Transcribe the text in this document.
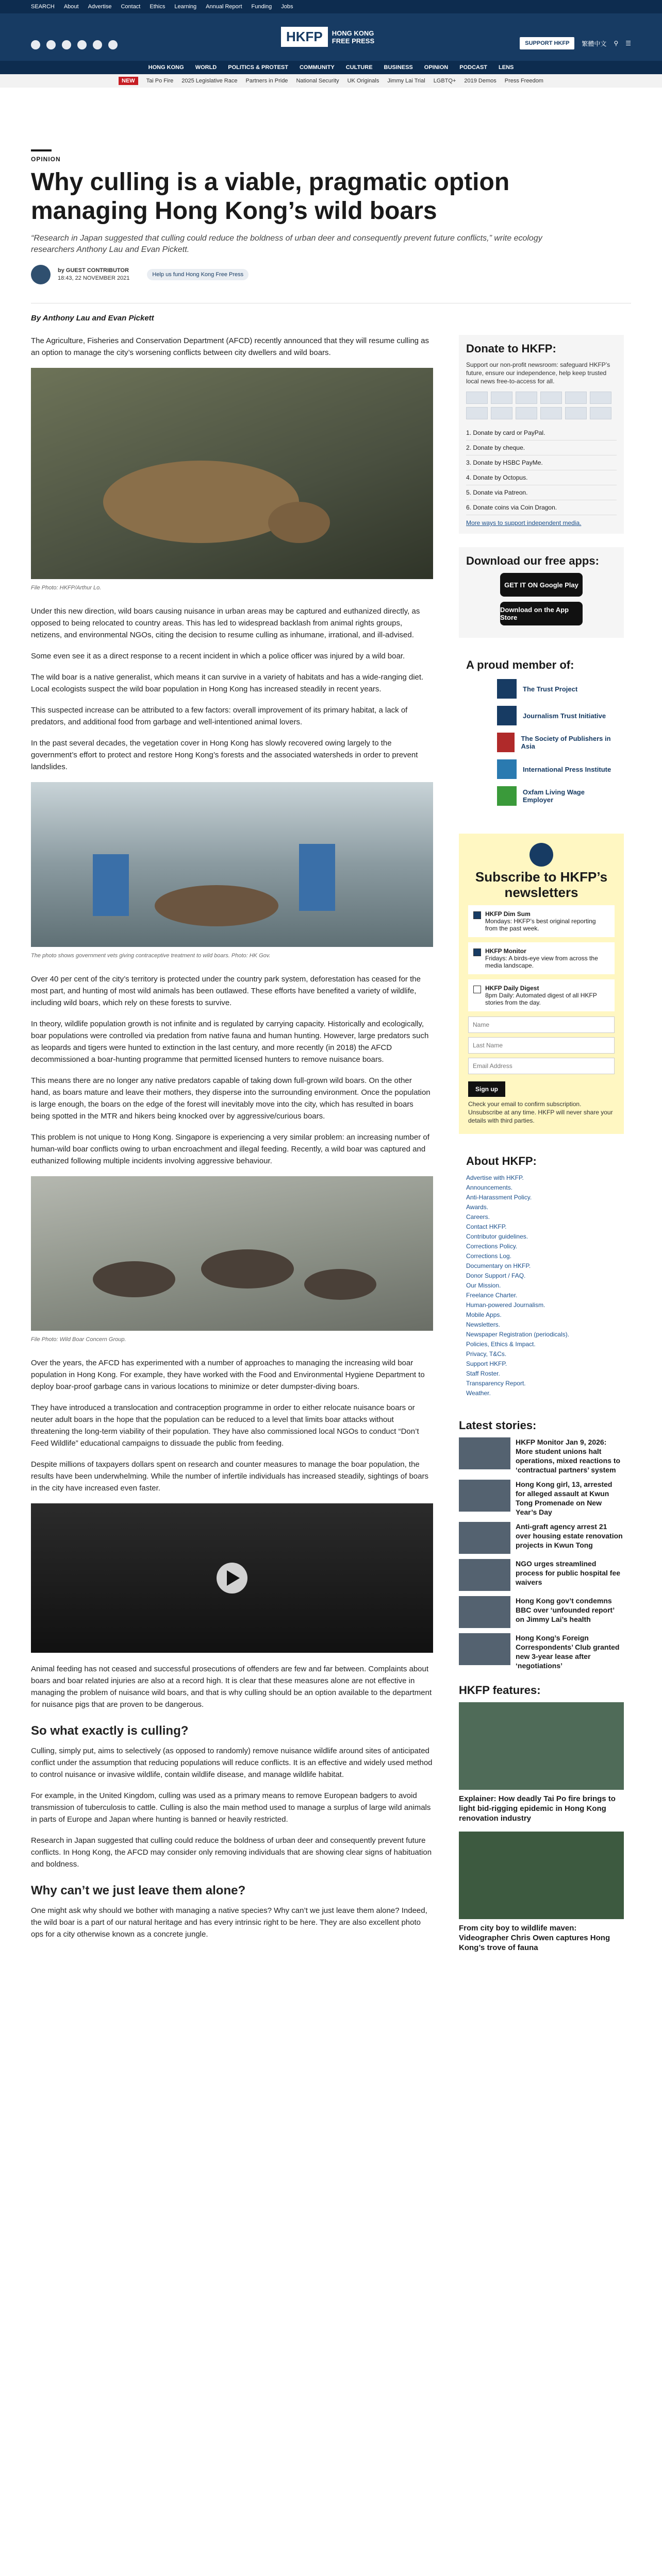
SEARCH About Advertise Contact Ethics Learning Annual Report Funding Jobs
HKFP	HONG KONG
FREE PRESS	SUPPORT HKFP	繁體中文 ⚲ ☰
HONG KONG WORLD POLITICS & PROTEST COMMUNITY CULTURE BUSINESS OPINION PODCAST LENS
NEW	Tai Po Fire 2025 Legislative Race Partners in Pride National Security UK Originals Jimmy Lai Trial LGBTQ+ 2019 Demos Press Freedom
OPINION
Why culling is a viable, pragmatic option managing Hong Kong’s wild boars
“Research in Japan suggested that culling could reduce the boldness of urban deer and consequently prevent future conflicts,” write ecology researchers Anthony Lau and Evan Pickett.
by GUEST CONTRIBUTOR
18:43, 22 NOVEMBER 2021
Help us fund Hong Kong Free Press
By Anthony Lau and Evan Pickett

The Agriculture, Fisheries and Conservation Department (AFCD) recently announced that they will resume culling as an option to manage the city’s worsening conflicts between city dwellers and wild boars.

File Photo: HKFP/Arthur Lo.

Under this new direction, wild boars causing nuisance in urban areas may be captured and euthanized directly, as opposed to being relocated to country areas. This has led to widespread backlash from animal rights groups, netizens, and environmental NGOs, citing the decision to resume culling as inhumane, irrational, and ill-advised.

Some even see it as a direct response to a recent incident in which a police officer was injured by a wild boar.

The wild boar is a native generalist, which means it can survive in a variety of habitats and has a wide-ranging diet. Local ecologists suspect the wild boar population in Hong Kong has increased steadily in recent years.

This suspected increase can be attributed to a few factors: overall improvement of its primary habitat, a lack of predators, and additional food from garbage and well-intentioned animal lovers.

In the past several decades, the vegetation cover in Hong Kong has slowly recovered owing largely to the government’s effort to protect and restore Hong Kong’s forests and the associated watersheds in order to prevent landslides.

The photo shows government vets giving contraceptive treatment to wild boars. Photo: HK Gov.

Over 40 per cent of the city’s territory is protected under the country park system, deforestation has ceased for the most part, and hunting of most wild animals has been outlawed. These efforts have benefited a variety of wildlife, including wild boars, which rely on these forests to survive.

In theory, wildlife population growth is not infinite and is regulated by carrying capacity. Historically and ecologically, boar populations were controlled via predation from native fauna and human hunting. However, large predators such as leopards and tigers were hunted to extinction in the last century, and more recently (in 2018) the AFCD decommissioned a boar-hunting programme that permitted licensed hunters to remove nuisance boars.

This means there are no longer any native predators capable of taking down full-grown wild boars. On the other hand, as boars mature and leave their mothers, they disperse into the surrounding environment. Once the population is large enough, the boars on the edge of the forest will inevitably move into the city, which has resulted in boars being spotted in the MTR and hikers being knocked over by aggressive/curious boars.

This problem is not unique to Hong Kong. Singapore is experiencing a very similar problem: an increasing number of human-wild boar conflicts owing to urban encroachment and illegal feeding. Recently, a wild boar was captured and euthanized following multiple incidents involving aggressive behaviour.

File Photo: Wild Boar Concern Group.

Over the years, the AFCD has experimented with a number of approaches to managing the increasing wild boar population in Hong Kong. For example, they have worked with the Food and Environmental Hygiene Department to deploy boar-proof garbage cans in various locations to minimize or deter dumpster-diving boars.

They have introduced a translocation and contraception programme in order to either relocate nuisance boars or neuter adult boars in the hope that the population can be reduced to a level that limits boar attacks without threatening the long-term viability of their population. They have also commissioned local NGOs to conduct “Don’t Feed Wildlife” educational campaigns to dissuade the public from feeding.

Despite millions of taxpayers dollars spent on research and counter measures to manage the boar population, the results have been underwhelming. While the number of infertile individuals has increased steadily, sightings of boars in the city have increased even faster.

Animal feeding has not ceased and successful prosecutions of offenders are few and far between. Complaints about boars and boar related injuries are also at a record high. It is clear that these measures alone are not effective in managing the problem of nuisance wild boars, and that is why culling should be an option available to the department for nuisance pigs that are proven to be dangerous.

So what exactly is culling?

Culling, simply put, aims to selectively (as opposed to randomly) remove nuisance wildlife around sites of anticipated conflict under the assumption that reducing populations will reduce conflicts. It is an effective and widely used method to control nuisance or invasive wildlife, contain wildlife disease, and manage wildlife habitat.

For example, in the United Kingdom, culling was used as a primary means to remove European badgers to avoid transmission of tuberculosis to cattle. Culling is also the main method used to manage a surplus of large wild animals in parts of Europe and Japan where hunting is banned or heavily restricted.

Research in Japan suggested that culling could reduce the boldness of urban deer and consequently prevent future conflicts. In Hong Kong, the AFCD may consider only removing individuals that are showing clear signs of habituation and boldness.

Why can’t we just leave them alone?

One might ask why should we bother with managing a native species? Why can’t we just leave them alone? Indeed, the wild boar is a part of our natural heritage and has every intrinsic right to be here. They are also excellent photo ops for a city otherwise known as a concrete jungle.

Donate to HKFP:
Support our non-profit newsroom: safeguard HKFP’s future, ensure our independence, help keep trusted local news free-to-access for all.
1. Donate by card or PayPal.
2. Donate by cheque.
3. Donate by HSBC PayMe.
4. Donate by Octopus.
5. Donate via Patreon.
6. Donate coins via Coin Dragon.
More ways to support independent media.
Download our free apps:
GET IT ON Google Play
Download on the App Store
A proud member of:
The Trust Project
Journalism Trust Initiative
The Society of Publishers in Asia
International Press Institute
Oxfam Living Wage Employer
Subscribe to HKFP’s newsletters
HKFP Dim Sum
Mondays: HKFP’s best original reporting from the past week.
HKFP Monitor
Fridays: A birds-eye view from across the media landscape.
HKFP Daily Digest
8pm Daily: Automated digest of all HKFP stories from the day.
Name
Last Name
Email Address
Sign up
Check your email to confirm subscription. Unsubscribe at any time. HKFP will never share your details with third parties.
About HKFP:
Advertise with HKFP.
Announcements.
Anti-Harassment Policy.
Awards.
Careers.
Contact HKFP.
Contributor guidelines.
Corrections Policy.
Corrections Log.
Documentary on HKFP.
Donor Support / FAQ.
Our Mission.
Freelance Charter.
Human-powered Journalism.
Mobile Apps.
Newsletters.
Newspaper Registration (periodicals).
Policies, Ethics & Impact.
Privacy, T&Cs.
Support HKFP.
Staff Roster.
Transparency Report.
Weather.
Latest stories:
HKFP Monitor Jan 9, 2026: More student unions halt operations, mixed reactions to ‘contractual partners’ system
Hong Kong girl, 13, arrested for alleged assault at Kwun Tong Promenade on New Year’s Day
Anti-graft agency arrest 21 over housing estate renovation projects in Kwun Tong
NGO urges streamlined process for public hospital fee waivers
Hong Kong gov’t condemns BBC over ‘unfounded report’ on Jimmy Lai’s health
Hong Kong’s Foreign Correspondents’ Club granted new 3-year lease after ‘negotiations’
HKFP features:
Explainer: How deadly Tai Po fire brings to light bid-rigging epidemic in Hong Kong renovation industry
From city boy to wildlife maven: Videographer Chris Owen captures Hong Kong’s trove of fauna
